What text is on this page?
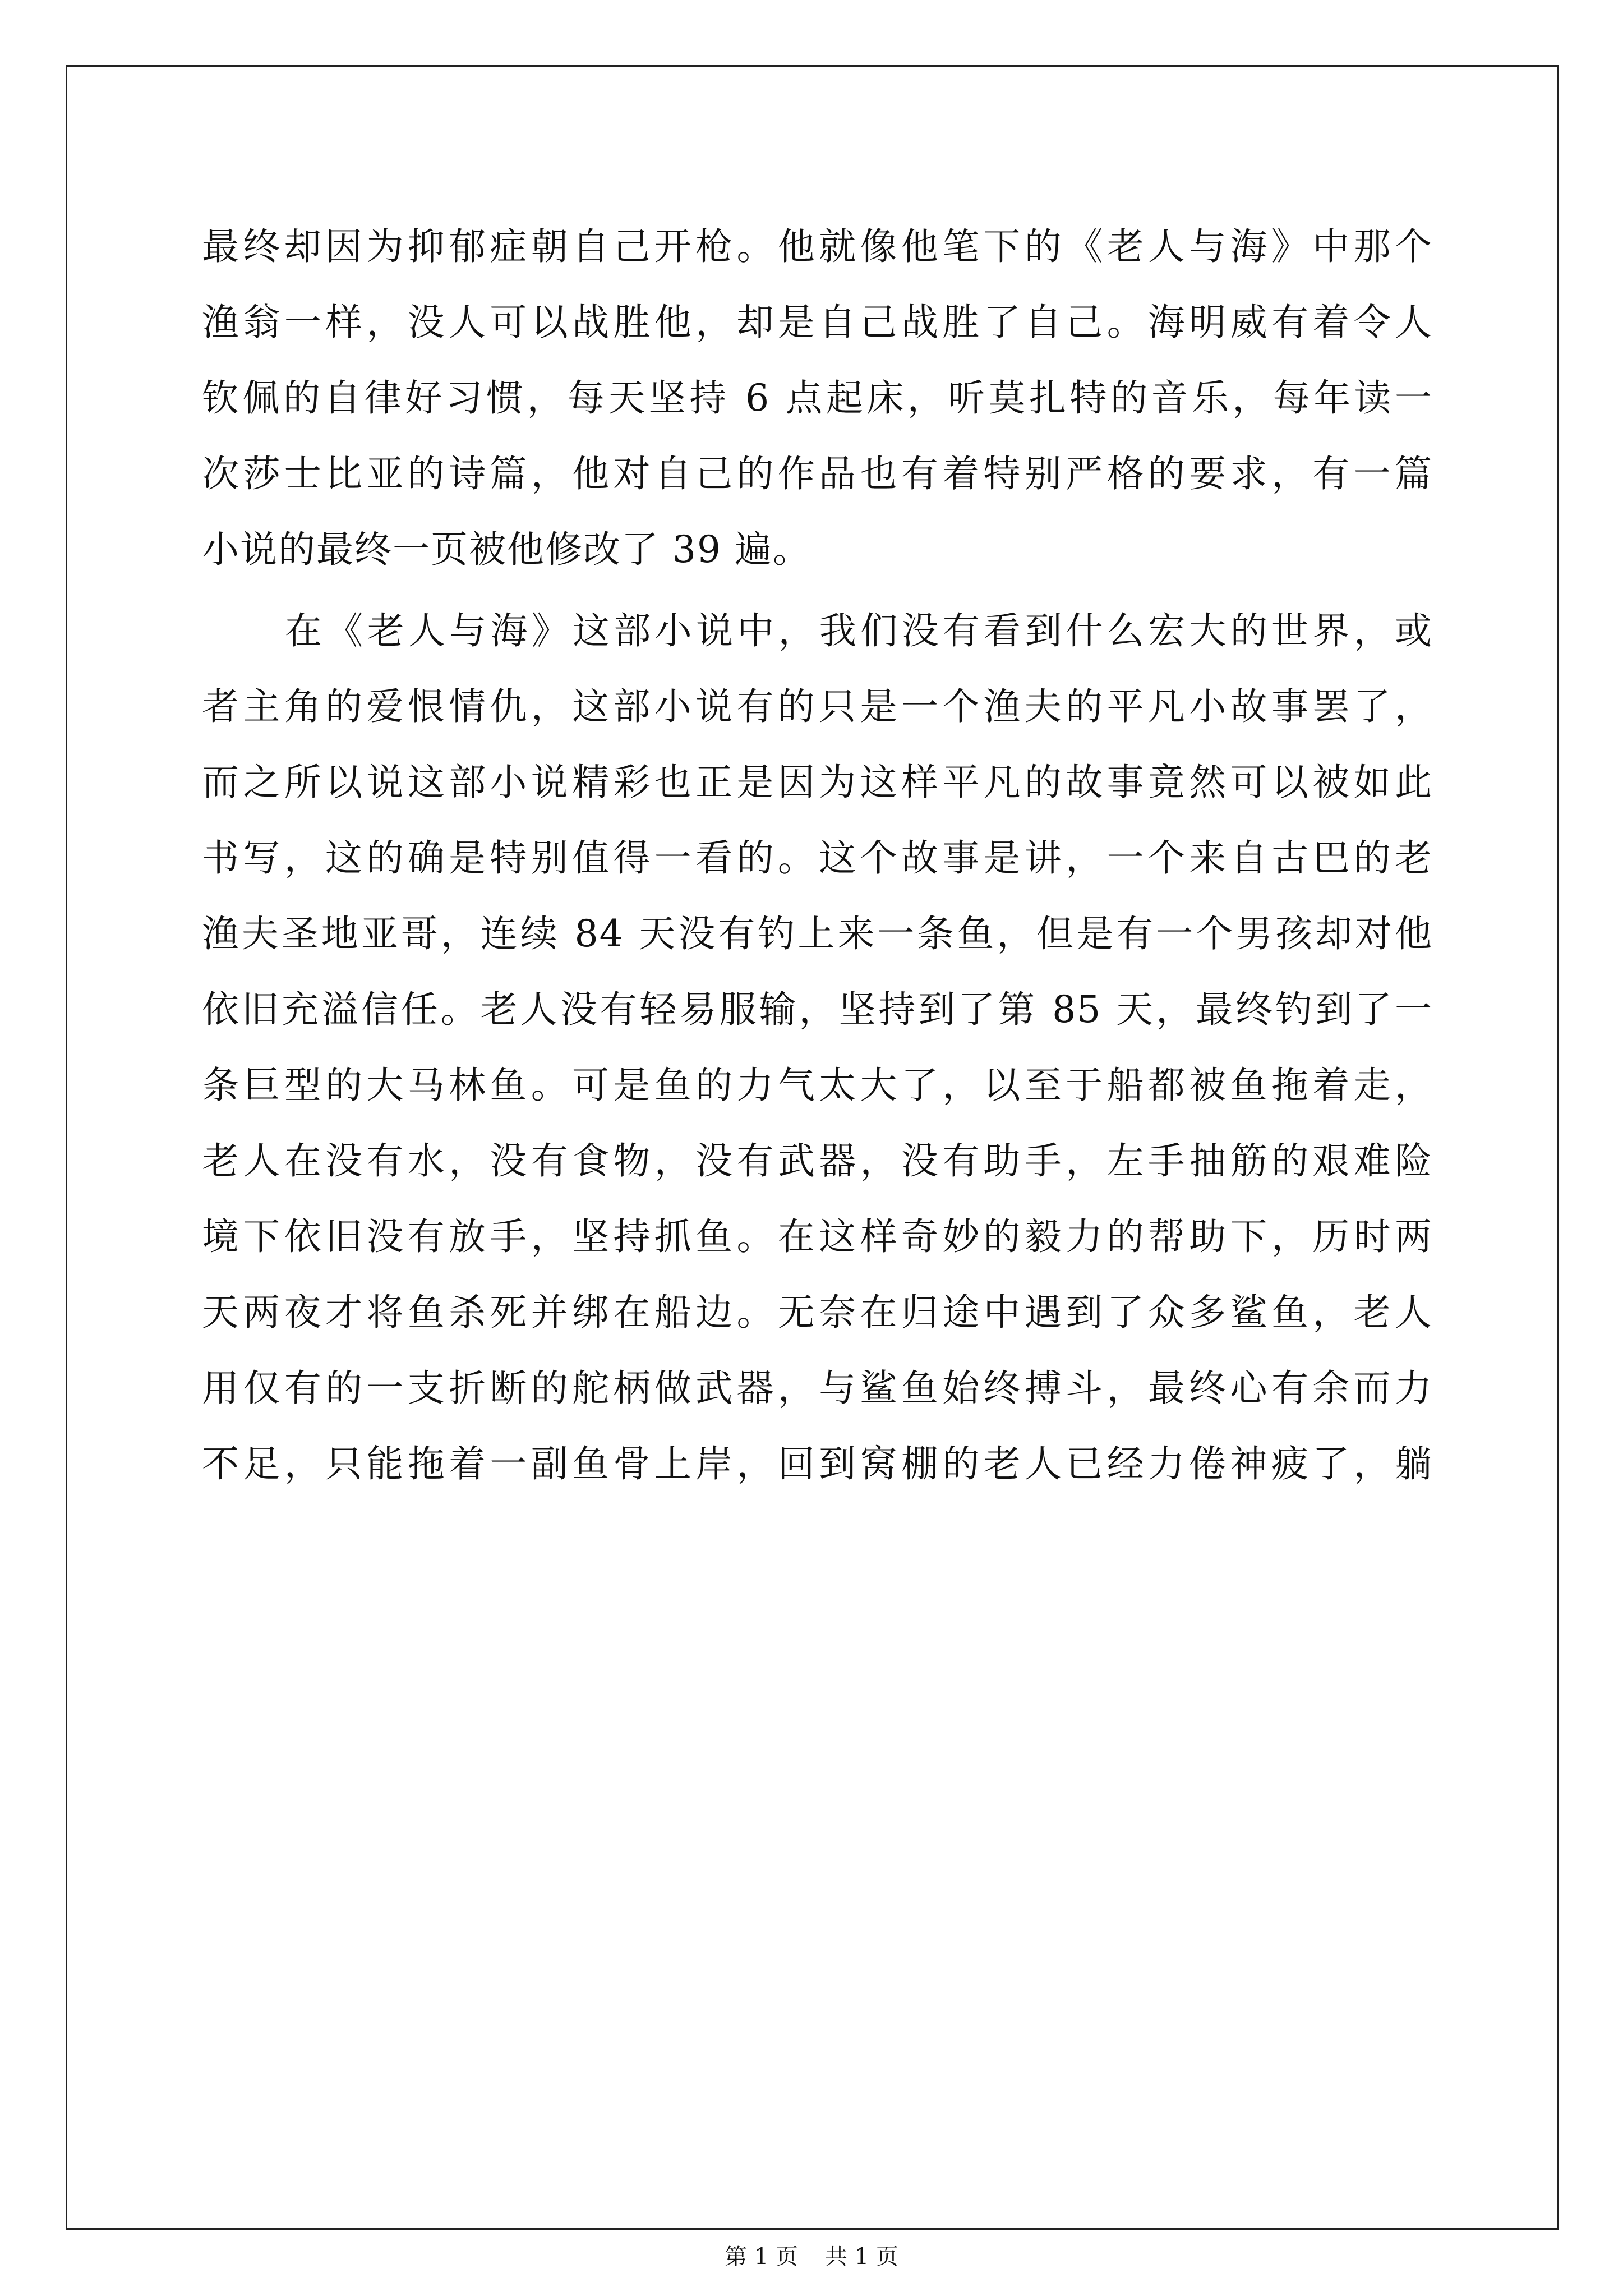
最终却因为抑郁症朝自己开枪。他就像他笔下的《老人与海》中那个
渔翁一样，没人可以战胜他，却是自己战胜了自己。海明威有着令人
钦佩的自律好习惯，每天坚持 6 点起床，听莫扎特的音乐，每年读一
次莎士比亚的诗篇，他对自己的作品也有着特别严格的要求，有一篇
小说的最终一页被他修改了 39 遍。
在《老人与海》这部小说中，我们没有看到什么宏大的世界，或
者主角的爱恨情仇，这部小说有的只是一个渔夫的平凡小故事罢了，
而之所以说这部小说精彩也正是因为这样平凡的故事竟然可以被如此
书写，这的确是特别值得一看的。这个故事是讲，一个来自古巴的老
渔夫圣地亚哥，连续 84 天没有钓上来一条鱼，但是有一个男孩却对他
依旧充溢信任。老人没有轻易服输，坚持到了第 85 天，最终钓到了一
条巨型的大马林鱼。可是鱼的力气太大了，以至于船都被鱼拖着走，
老人在没有水，没有食物，没有武器，没有助手，左手抽筋的艰难险
境下依旧没有放手，坚持抓鱼。在这样奇妙的毅力的帮助下，历时两
天两夜才将鱼杀死并绑在船边。无奈在归途中遇到了众多鲨鱼，老人
用仅有的一支折断的舵柄做武器，与鲨鱼始终搏斗，最终心有余而力
不足，只能拖着一副鱼骨上岸，回到窝棚的老人已经力倦神疲了，躺
第 1 页 共 1 页
